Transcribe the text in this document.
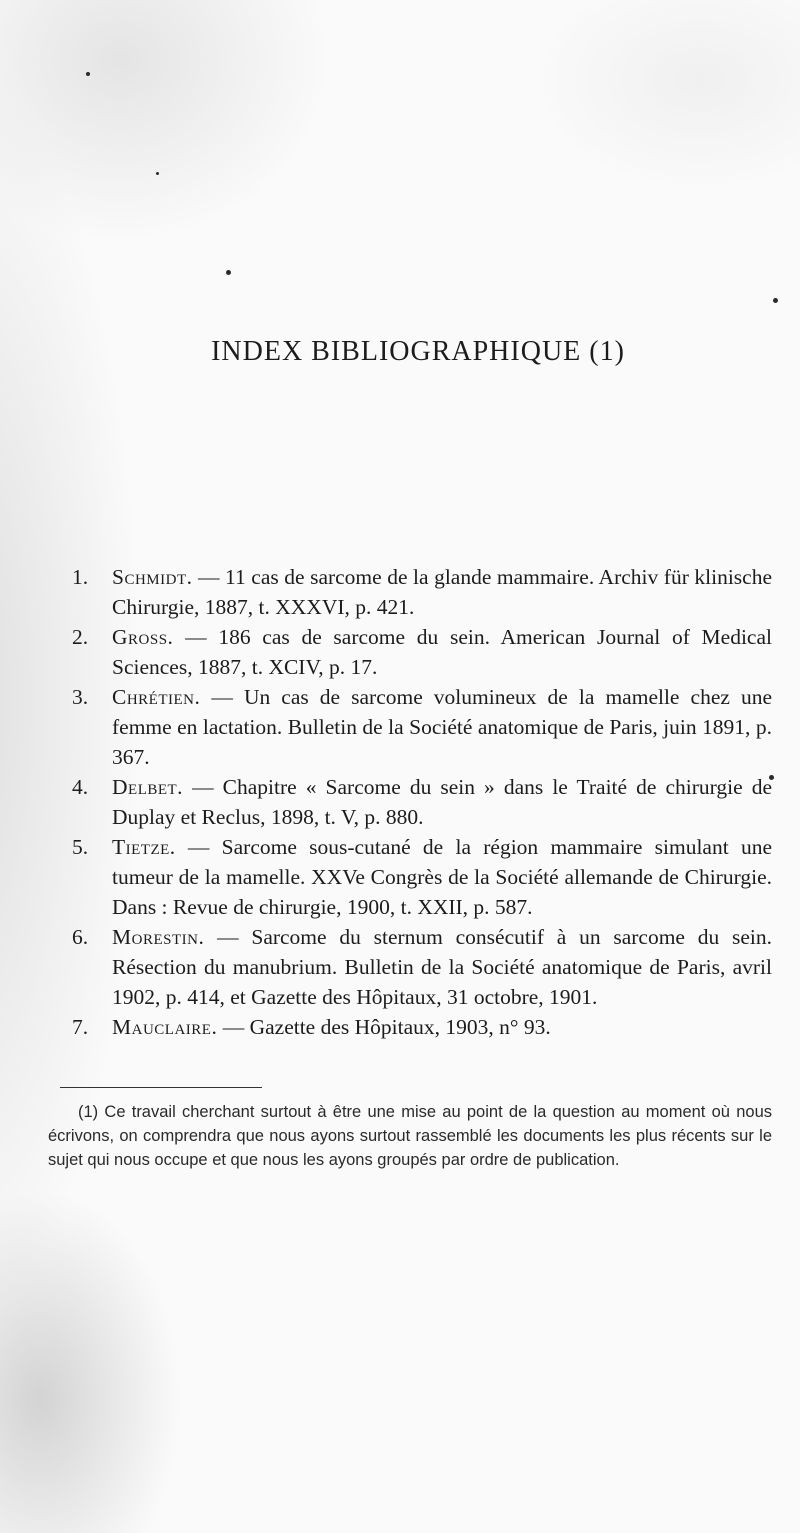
INDEX BIBLIOGRAPHIQUE (1)
1. Schmidt. — 11 cas de sarcome de la glande mammaire. Archiv für klinische Chirurgie, 1887, t. XXXVI, p. 421.
2. Gross. — 186 cas de sarcome du sein. American Journal of Medical Sciences, 1887, t. XCIV, p. 17.
3. Chrétien. — Un cas de sarcome volumineux de la mamelle chez une femme en lactation. Bulletin de la Société anatomique de Paris, juin 1891, p. 367.
4. Delbet. — Chapitre « Sarcome du sein » dans le Traité de chirurgie de Duplay et Reclus, 1898, t. V, p. 880.
5. Tietze. — Sarcome sous-cutané de la région mammaire simulant une tumeur de la mamelle. XXVe Congrès de la Société allemande de Chirurgie. Dans : Revue de chirurgie, 1900, t. XXII, p. 587.
6. Morestin. — Sarcome du sternum consécutif à un sarcome du sein. Résection du manubrium. Bulletin de la Société anatomique de Paris, avril 1902, p. 414, et Gazette des Hôpitaux, 31 octobre, 1901.
7. Mauclaire. — Gazette des Hôpitaux, 1903, n° 93.

(1) Ce travail cherchant surtout à être une mise au point de la question au moment où nous écrivons, on comprendra que nous ayons surtout rassemblé les documents les plus récents sur le sujet qui nous occupe et que nous les ayons groupés par ordre de publication.
